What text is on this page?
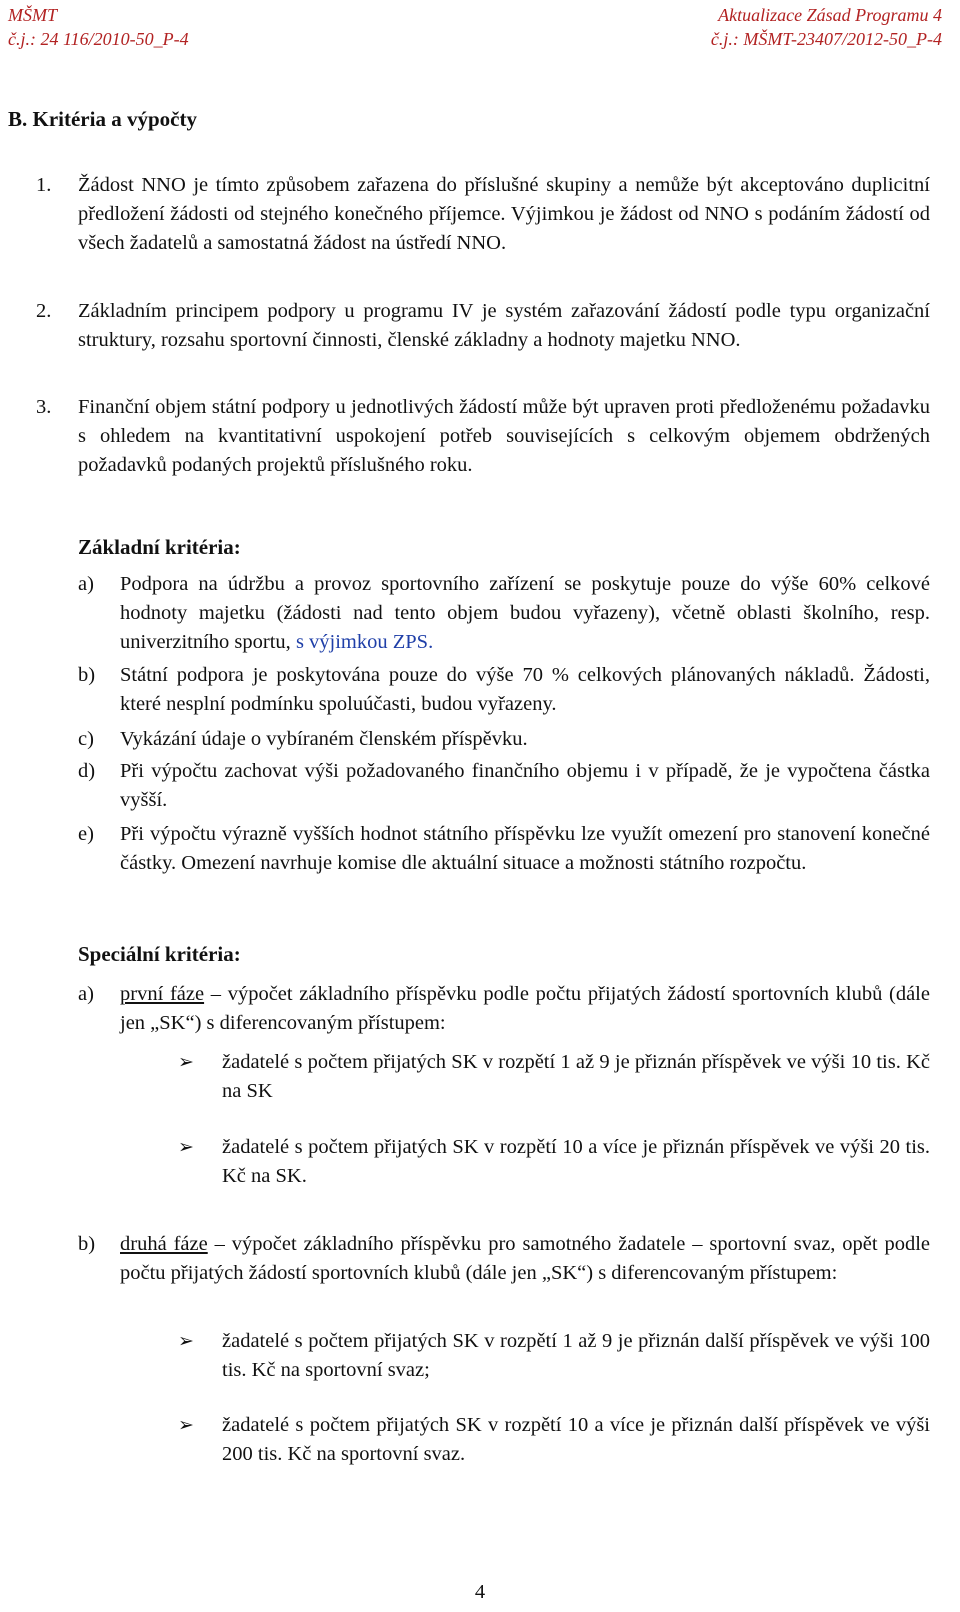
MŠMT
č.j.: 24 116/2010-50_P-4
Aktualizace Zásad Programu 4
č.j.: MŠMT-23407/2012-50_P-4
B. Kritéria a výpočty
1. Žádost NNO je tímto způsobem zařazena do příslušné skupiny a nemůže být akceptováno duplicitní předložení žádosti od stejného konečného příjemce. Výjimkou je žádost od NNO s podáním žádostí od všech žadatelů a samostatná žádost na ústředí NNO.
2. Základním principem podpory u programu IV je systém zařazování žádostí podle typu organizační struktury, rozsahu sportovní činnosti, členské základny a hodnoty majetku NNO.
3. Finanční objem státní podpory u jednotlivých žádostí může být upraven proti předloženému požadavku s ohledem na kvantitativní uspokojení potřeb souvisejících s celkovým objemem obdržených požadavků podaných projektů příslušného roku.
Základní kritéria:
a) Podpora na údržbu a provoz sportovního zařízení se poskytuje pouze do výše 60% celkové hodnoty majetku (žádosti nad tento objem budou vyřazeny), včetně oblasti školního, resp. univerzitního sportu, s výjimkou ZPS.
b) Státní podpora je poskytována pouze do výše 70 % celkových plánovaných nákladů. Žádosti, které nesplní podmínku spoluúčasti, budou vyřazeny.
c) Vykázání údaje o vybíraném členském příspěvku.
d) Při výpočtu zachovat výši požadovaného finančního objemu i v případě, že je vypočtena částka vyšší.
e) Při výpočtu výrazně vyšších hodnot státního příspěvku lze využít omezení pro stanovení konečné částky. Omezení navrhuje komise dle aktuální situace a možnosti státního rozpočtu.
Speciální kritéria:
a) první fáze – výpočet základního příspěvku podle počtu přijatých žádostí sportovních klubů (dále jen „SK“) s diferencovaným přístupem:
➢ žadatelé s počtem přijatých SK v rozpětí 1 až 9 je přiznán příspěvek ve výši 10 tis. Kč na SK
➢ žadatelé s počtem přijatých SK v rozpětí 10 a více je přiznán příspěvek ve výši 20 tis. Kč na SK.
b) druhá fáze – výpočet základního příspěvku pro samotného žadatele – sportovní svaz, opět podle počtu přijatých žádostí sportovních klubů (dále jen „SK“) s diferencovaným přístupem:
➢ žadatelé s počtem přijatých SK v rozpětí 1 až 9 je přiznán další příspěvek ve výši 100 tis. Kč na sportovní svaz;
➢ žadatelé s počtem přijatých SK v rozpětí 10 a více je přiznán další příspěvek ve výši 200 tis. Kč na sportovní svaz.
4
